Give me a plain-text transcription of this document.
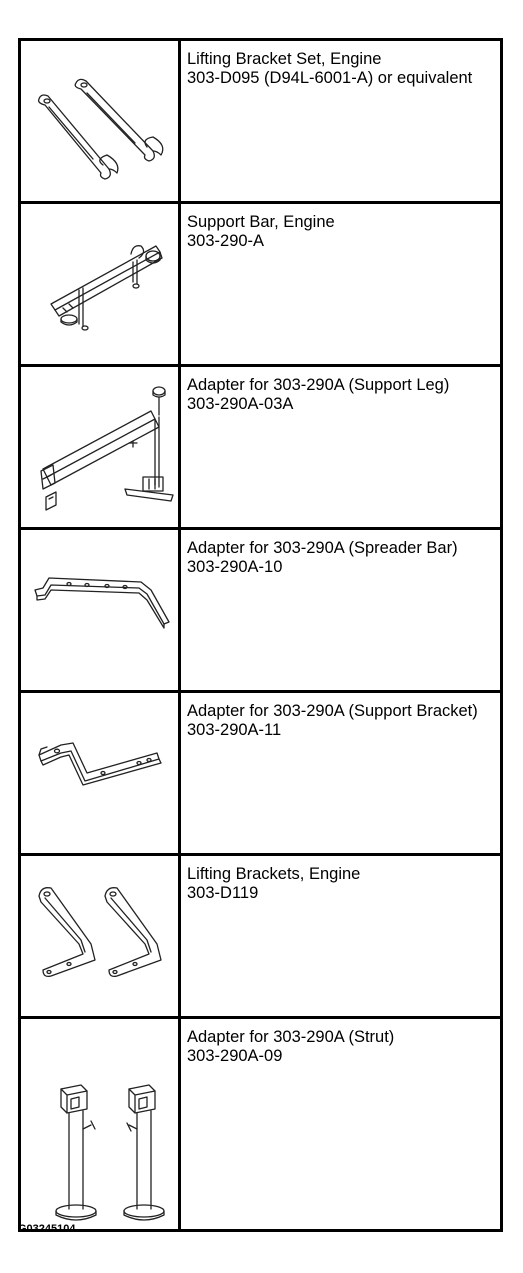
Lifting Bracket Set, Engine
303-D095 (D94L-6001-A) or equivalent

Support Bar, Engine
303-290-A

Adapter for 303-290A (Support Leg)
303-290A-03A

Adapter for 303-290A (Spreader Bar)
303-290A-10

Adapter for 303-290A (Support Bracket)
303-290A-11

Lifting Brackets, Engine
303-D119

Adapter for 303-290A (Strut)
303-290A-09
G03245104
